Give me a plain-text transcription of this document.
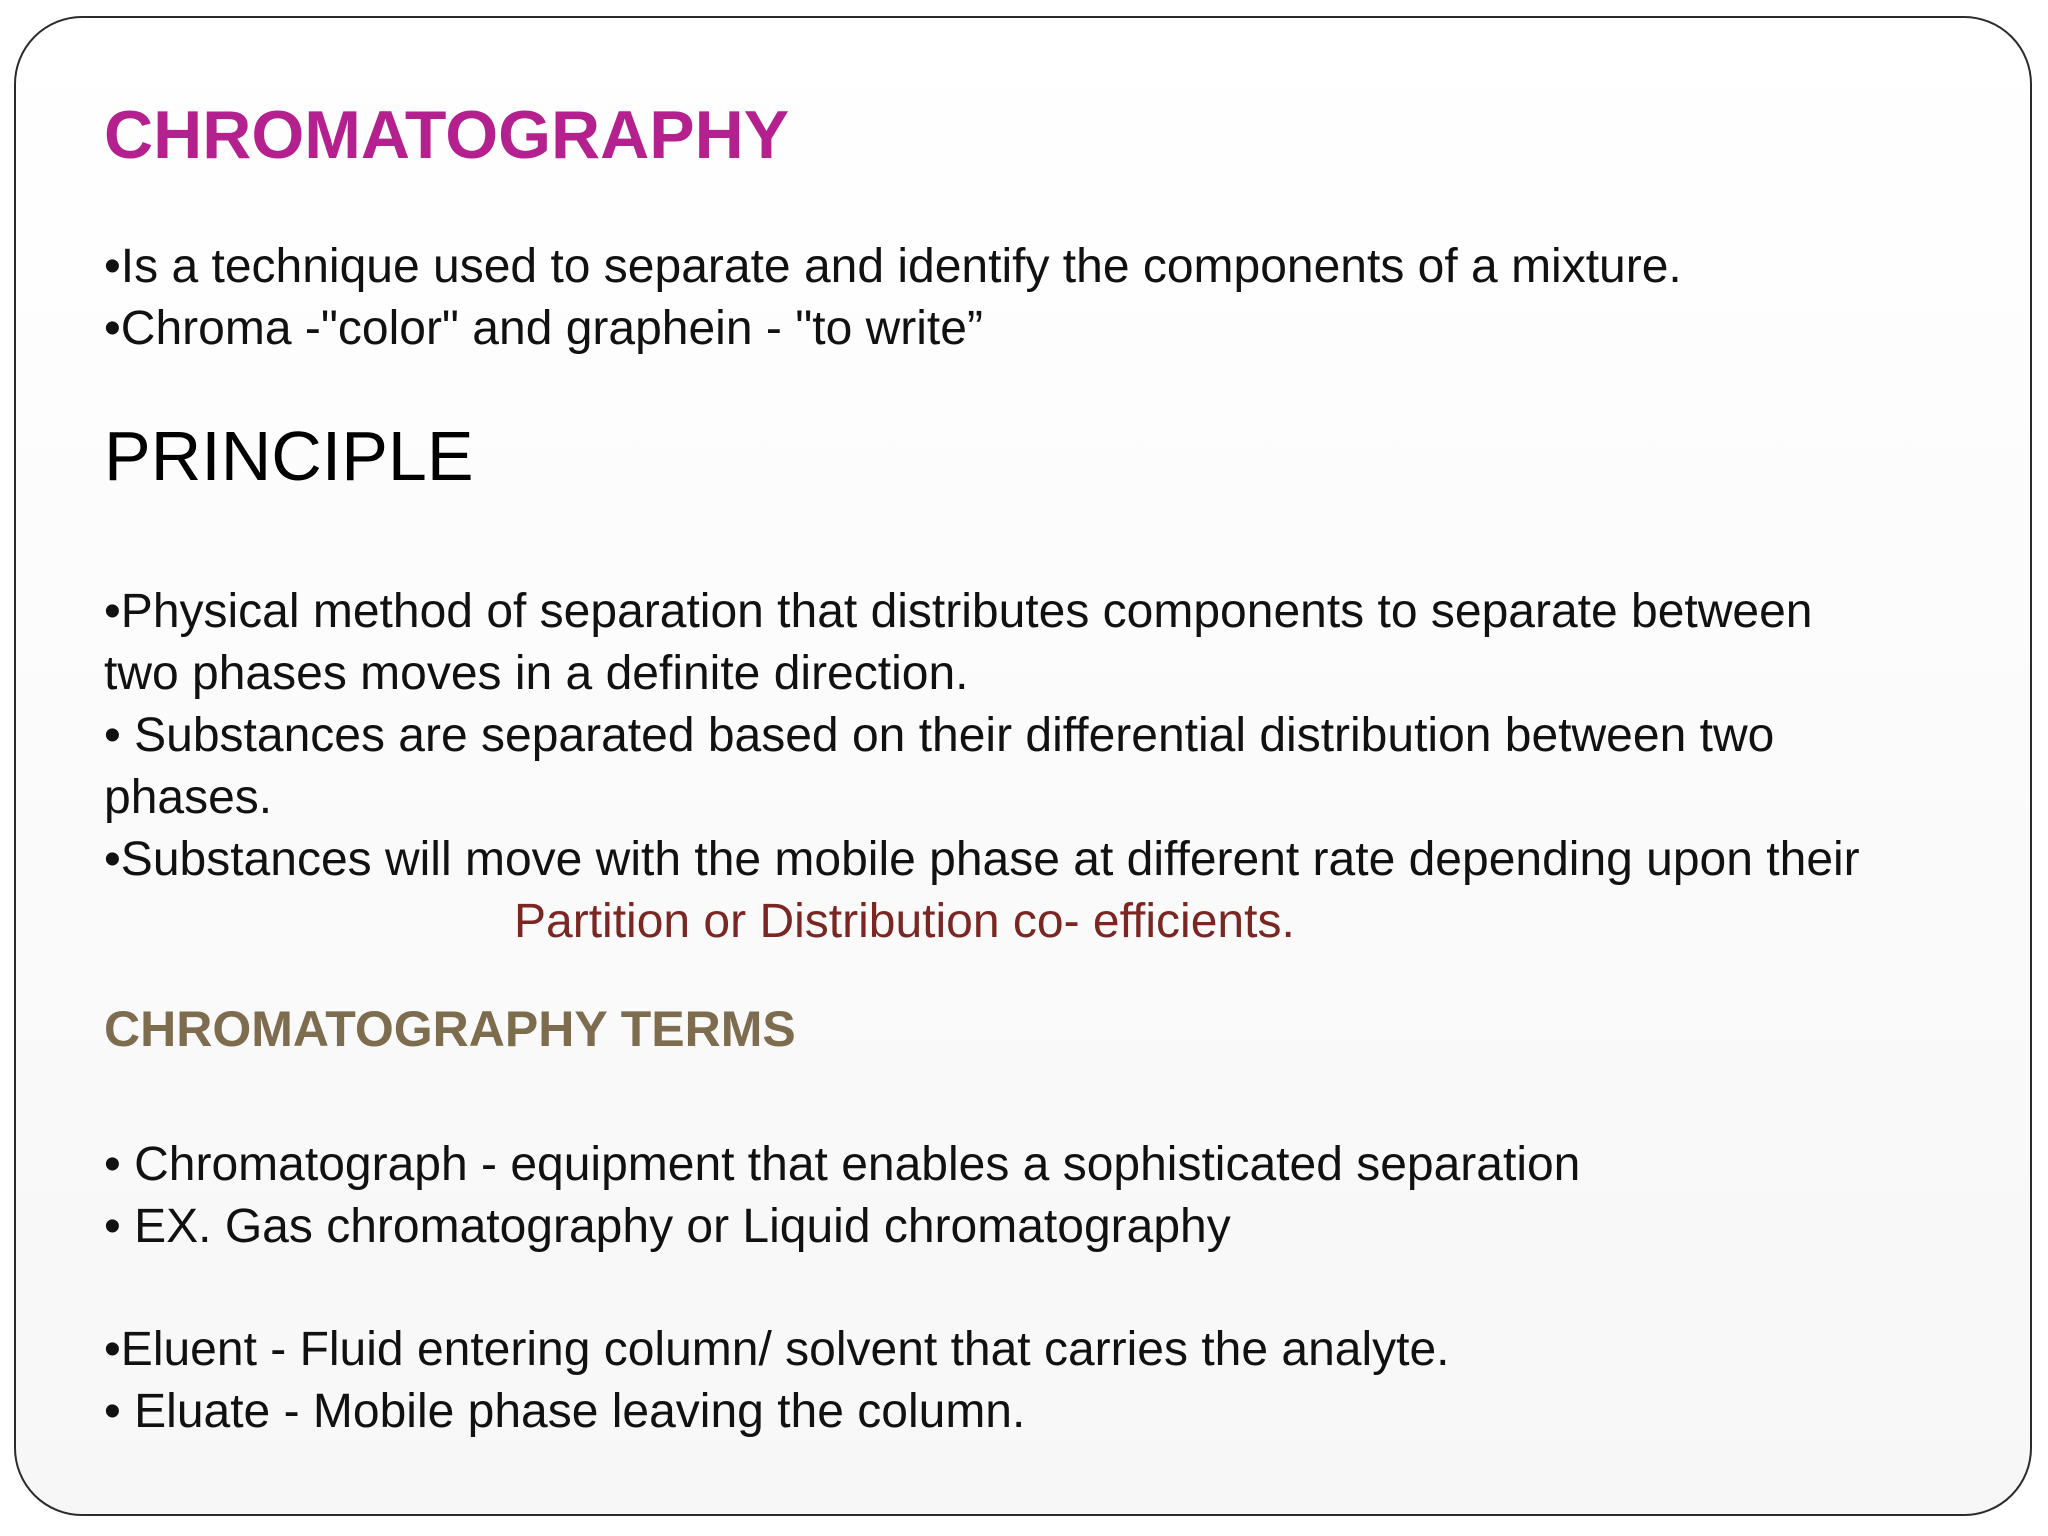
CHROMATOGRAPHY

•Is a technique used to separate and identify the components of a mixture.

•Chroma -"color" and graphein - "to write”

PRINCIPLE

•Physical method of separation that distributes components to separate between

two phases moves in a definite direction.

• Substances are separated based on their differential distribution between two

phases.

•Substances will move with the mobile phase at different rate depending upon their

Partition or Distribution co- efficients.

CHROMATOGRAPHY TERMS

• Chromatograph - equipment that enables a sophisticated separation

• EX. Gas chromatography or Liquid chromatography

•Eluent - Fluid entering column/ solvent that carries the analyte.

• Eluate - Mobile phase leaving the column.
